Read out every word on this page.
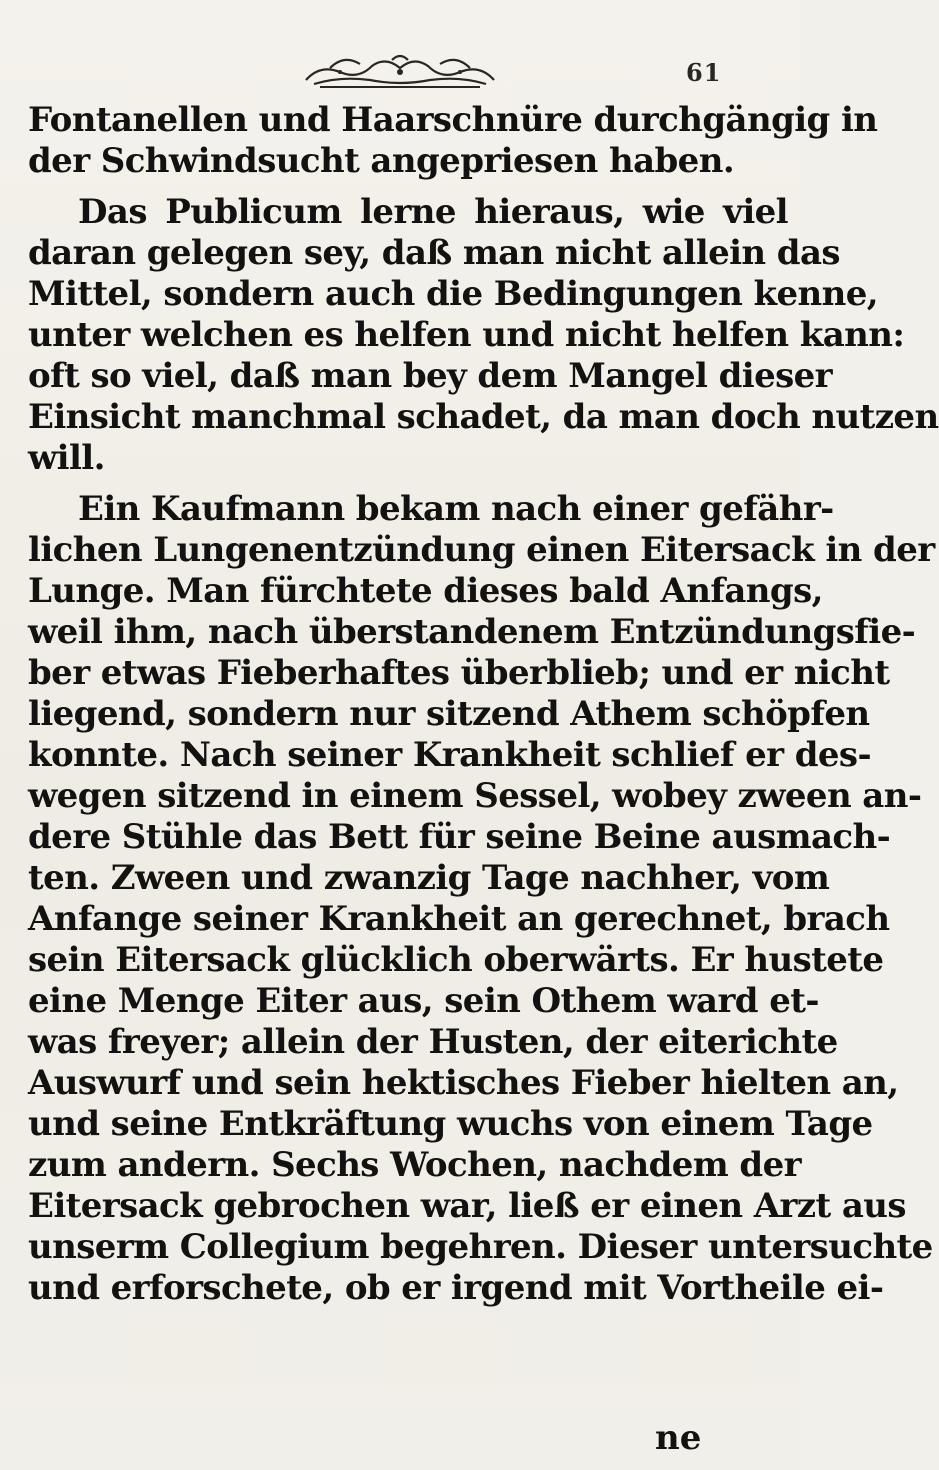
61
Fontanellen und Haarschnüre durchgängig in
der Schwindsucht angepriesen haben.
Das Publicum lerne hieraus, wie viel
daran gelegen sey, daß man nicht allein das
Mittel, sondern auch die Bedingungen kenne,
unter welchen es helfen und nicht helfen kann:
oft so viel, daß man bey dem Mangel dieser
Einsicht manchmal schadet, da man doch nutzen
will.
Ein Kaufmann bekam nach einer gefähr-
lichen Lungenentzündung einen Eitersack in der
Lunge. Man fürchtete dieses bald Anfangs,
weil ihm, nach überstandenem Entzündungsfie-
ber etwas Fieberhaftes überblieb; und er nicht
liegend, sondern nur sitzend Athem schöpfen
konnte. Nach seiner Krankheit schlief er des-
wegen sitzend in einem Sessel, wobey zween an-
dere Stühle das Bett für seine Beine ausmach-
ten. Zween und zwanzig Tage nachher, vom
Anfange seiner Krankheit an gerechnet, brach
sein Eitersack glücklich oberwärts. Er hustete
eine Menge Eiter aus, sein Othem ward et-
was freyer; allein der Husten, der eiterichte
Auswurf und sein hektisches Fieber hielten an,
und seine Entkräftung wuchs von einem Tage
zum andern. Sechs Wochen, nachdem der
Eitersack gebrochen war, ließ er einen Arzt aus
unserm Collegium begehren. Dieser untersuchte
und erforschete, ob er irgend mit Vortheile ei-
ne
